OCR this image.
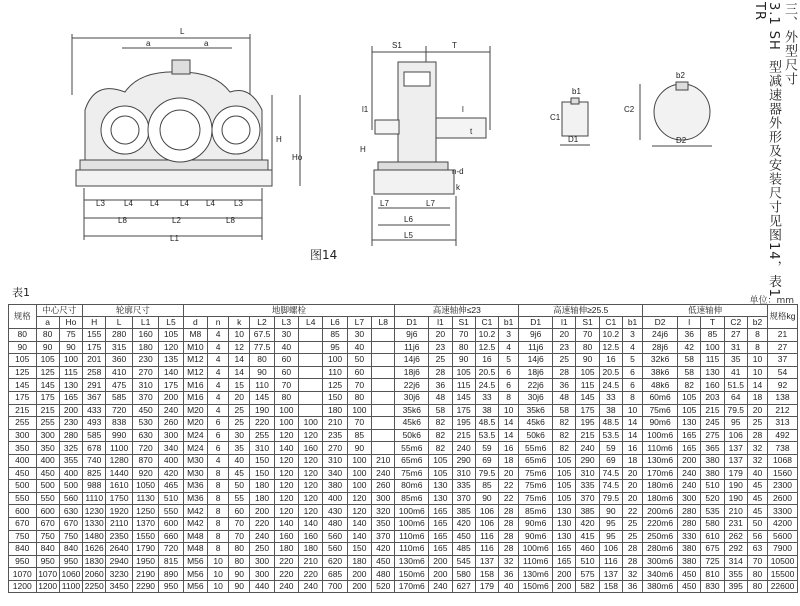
L
a	a
H
Ho
L3 L4 L4	L4 L4 L3
L8	L2	L8
L1
S1	T
l1	l
t
H
n-d
k
L7	L7
L6
L5
b1
C1
D1
b2
C2
D2
图14
三、外型尺寸
3.1 SH
TR
型减速器外形及安装尺寸见图14，表1
表1
单位：mm
规格	中心尺寸		轮廓尺寸				地脚螺栓									高速轴伸≤23					高速轴伸≥25.5					低速轴伸					规格kg
	a	Ho	H	L	L1	L5	d	n	k	L2	L3	L4	L6	L7	L8	D1	l1	S1	C1	b1	D1	l1	S1	C1	b1	D2	l	T	C2	b2	
80	80	75	155	280	160	105	M8	4	10	67.5	30		85	30		9j6	20	70	10.2	3	9j6	20	70	10.2	3	24j6	36	85	27	8	21
90	90	90	175	315	180	120	M10	4	12	77.5	40		95	40		11j6	23	80	12.5	4	11j6	23	80	12.5	4	28j6	42	100	31	8	27
105	105	100	201	360	230	135	M12	4	14	80	60		100	50		14j6	25	90	16	5	14j6	25	90	16	5	32k6	58	115	35	10	37
125	125	115	258	410	270	140	M12	4	14	90	60		110	60		18j6	28	105	20.5	6	18j6	28	105	20.5	6	38k6	58	130	41	10	54
145	145	130	291	475	310	175	M16	4	15	110	70		125	70		22j6	36	115	24.5	6	22j6	36	115	24.5	6	48k6	82	160	51.5	14	92
175	175	165	367	585	370	200	M16	4	20	145	80		150	80		30j6	48	145	33	8	30j6	48	145	33	8	60m6	105	203	64	18	138
215	215	200	433	720	450	240	M20	4	25	190	100		180	100		35k6	58	175	38	10	35k6	58	175	38	10	75m6	105	215	79.5	20	212
255	255	230	493	838	530	260	M20	6	25	220	100	100	210	70		45k6	82	195	48.5	14	45k6	82	195	48.5	14	90m6	130	245	95	25	313
300	300	280	585	990	630	300	M24	6	30	255	120	120	235	85		50k6	82	215	53.5	14	50k6	82	215	53.5	14	100m6	165	275	106	28	492
350	350	325	678	1100	720	340	M24	6	35	310	140	160	270	90		55m6	82	240	59	16	55m6	82	240	59	16	110m6	165	365	137	32	738
400	400	355	740	1280	870	400	M30	4	40	150	120	120	310	100	210	65m6	105	290	69	18	65m6	105	290	69	18	130m6	200	380	137	32	1068
450	450	400	825	1440	920	420	M30	8	45	150	120	120	340	100	240	75m6	105	310	79.5	20	75m6	105	310	74.5	20	170m6	240	380	179	40	1560
500	500	500	988	1610	1050	465	M36	8	50	180	120	120	380	100	260	80m6	130	335	85	22	75m6	105	335	74.5	20	180m6	240	510	190	45	2300
550	550	560	1110	1750	1130	510	M36	8	55	180	120	120	400	120	300	85m6	130	370	90	22	75m6	105	370	79.5	20	180m6	300	520	190	45	2600
600	600	630	1230	1920	1250	550	M42	8	60	200	120	120	430	120	320	100m6	165	385	106	28	85m6	130	385	90	22	200m6	280	535	210	45	3300
670	670	670	1330	2110	1370	600	M42	8	70	220	140	140	480	140	350	100m6	165	420	106	28	90m6	130	420	95	25	220m6	280	580	231	50	4200
750	750	750	1480	2350	1550	660	M48	8	70	240	160	160	560	140	370	110m6	165	450	116	28	90m6	130	415	95	25	250m6	330	610	262	56	5600
840	840	840	1626	2640	1790	720	M48	8	80	250	180	180	560	150	420	110m6	165	485	116	28	100m6	165	460	106	28	280m6	380	675	292	63	7900
950	950	950	1830	2940	1950	815	M56	10	80	300	220	210	620	180	450	130m6	200	545	137	32	110m6	165	510	116	28	300m6	380	725	314	70	10500
1070	1070	1060	2060	3230	2190	890	M56	10	90	300	220	220	685	200	480	150m6	200	580	158	36	130m6	200	575	137	32	340m6	450	810	355	80	15500
1200	1200	1100	2250	3450	2290	950	M56	10	90	440	240	240	700	200	520	170m6	240	627	179	40	150m6	200	582	158	36	380m6	450	830	395	80	22600
